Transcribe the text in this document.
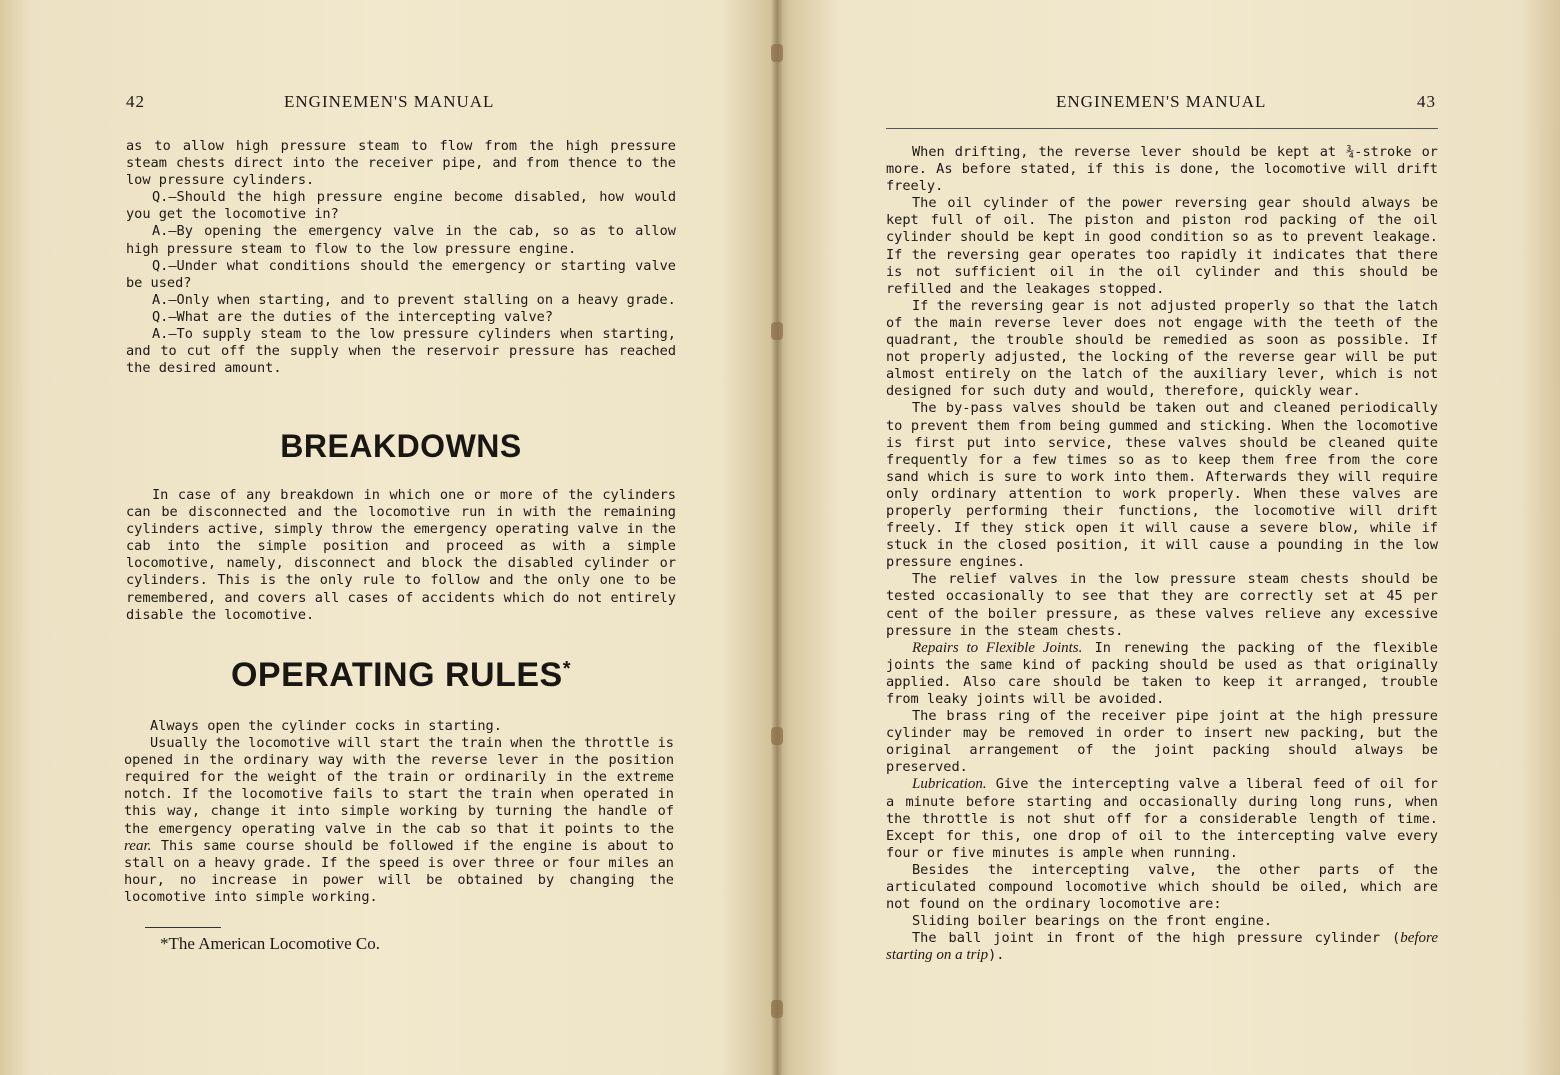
42	ENGINEMEN'S MANUAL

as to allow high pressure steam to flow from the high pressure steam chests direct into the receiver pipe, and from thence to the low pressure cylinders.

Q.—Should the high pressure engine become disabled, how would you get the locomotive in?

A.—By opening the emergency valve in the cab, so as to allow high pressure steam to flow to the low pressure engine.

Q.—Under what conditions should the emergency or starting valve be used?

A.—Only when starting, and to prevent stalling on a heavy grade.

Q.—What are the duties of the intercepting valve?

A.—To supply steam to the low pressure cylinders when starting, and to cut off the supply when the reservoir pressure has reached the desired amount.

BREAKDOWNS

In case of any breakdown in which one or more of the cylinders can be disconnected and the locomotive run in with the remaining cylinders active, simply throw the emergency operating valve in the cab into the simple position and proceed as with a simple locomotive, namely, disconnect and block the disabled cylinder or cylinders. This is the only rule to follow and the only one to be remembered, and covers all cases of accidents which do not entirely disable the locomotive.

OPERATING RULES*

Always open the cylinder cocks in starting.

Usually the locomotive will start the train when the throttle is opened in the ordinary way with the reverse lever in the position required for the weight of the train or ordinarily in the extreme notch. If the locomotive fails to start the train when operated in this way, change it into simple working by turning the handle of the emergency operating valve in the cab so that it points to the rear. This same course should be followed if the engine is about to stall on a heavy grade. If the speed is over three or four miles an hour, no increase in power will be obtained by changing the locomotive into simple working.

*The American Locomotive Co.
ENGINEMEN'S MANUAL	43

When drifting, the reverse lever should be kept at ¾-stroke or more. As before stated, if this is done, the locomotive will drift freely.

The oil cylinder of the power reversing gear should always be kept full of oil. The piston and piston rod packing of the oil cylinder should be kept in good condition so as to prevent leakage. If the reversing gear operates too rapidly it indicates that there is not sufficient oil in the oil cylinder and this should be refilled and the leakages stopped.

If the reversing gear is not adjusted properly so that the latch of the main reverse lever does not engage with the teeth of the quadrant, the trouble should be remedied as soon as possible. If not properly adjusted, the locking of the reverse gear will be put almost entirely on the latch of the auxiliary lever, which is not designed for such duty and would, therefore, quickly wear.

The by-pass valves should be taken out and cleaned periodically to prevent them from being gummed and sticking. When the locomotive is first put into service, these valves should be cleaned quite frequently for a few times so as to keep them free from the core sand which is sure to work into them. Afterwards they will require only ordinary attention to work properly. When these valves are properly performing their functions, the locomotive will drift freely. If they stick open it will cause a severe blow, while if stuck in the closed position, it will cause a pounding in the low pressure engines.

The relief valves in the low pressure steam chests should be tested occasionally to see that they are correctly set at 45 per cent of the boiler pressure, as these valves relieve any excessive pressure in the steam chests.

Repairs to Flexible Joints. In renewing the packing of the flexible joints the same kind of packing should be used as that originally applied. Also care should be taken to keep it arranged, trouble from leaky joints will be avoided.

The brass ring of the receiver pipe joint at the high pressure cylinder may be removed in order to insert new packing, but the original arrangement of the joint packing should always be preserved.

Lubrication. Give the intercepting valve a liberal feed of oil for a minute before starting and occasionally during long runs, when the throttle is not shut off for a considerable length of time. Except for this, one drop of oil to the intercepting valve every four or five minutes is ample when running.

Besides the intercepting valve, the other parts of the articulated compound locomotive which should be oiled, which are not found on the ordinary locomotive are:

Sliding boiler bearings on the front engine.

The ball joint in front of the high pressure cylinder (before starting on a trip).
